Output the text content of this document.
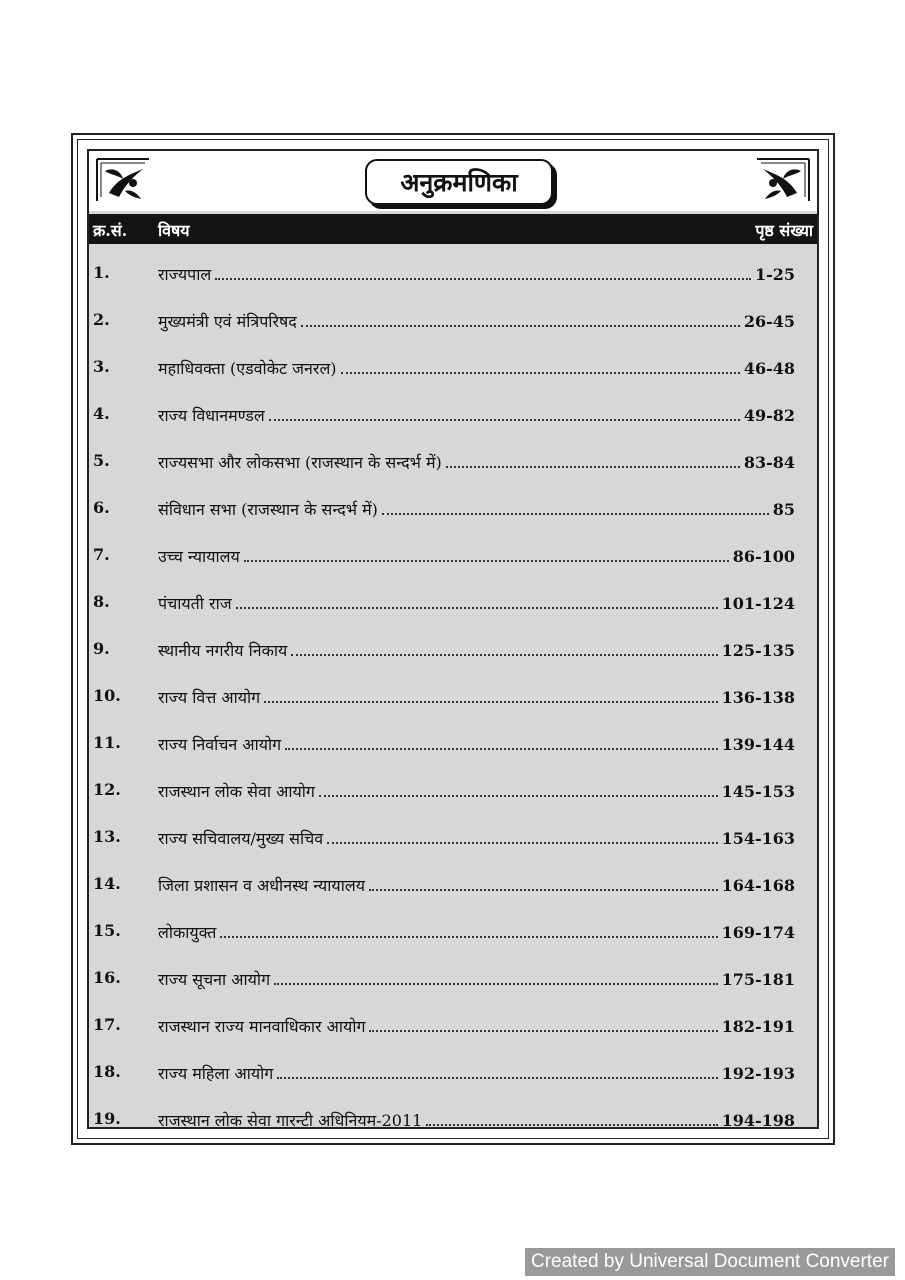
अनुक्रमणिका
क्र.सं. विषय	पृष्ठ संख्या
1.	राज्यपाल	1-25
2.	मुख्यमंत्री एवं मंत्रिपरिषद	26-45
3.	महाधिवक्ता (एडवोकेट जनरल)	46-48
4.	राज्य विधानमण्डल	49-82
5.	राज्यसभा और लोकसभा (राजस्थान के सन्दर्भ में)	83-84
6.	संविधान सभा (राजस्थान के सन्दर्भ में)	85
7.	उच्च न्यायालय	86-100
8.	पंचायती राज	101-124
9.	स्थानीय नगरीय निकाय	125-135
10. राज्य वित्त आयोग	136-138
11. राज्य निर्वाचन आयोग	139-144
12. राजस्थान लोक सेवा आयोग	145-153
13. राज्य सचिवालय/मुख्य सचिव	154-163
14. जिला प्रशासन व अधीनस्थ न्यायालय	164-168
15. लोकायुक्त	169-174
16. राज्य सूचना आयोग	175-181
17. राजस्थान राज्य मानवाधिकार आयोग	182-191
18. राज्य महिला आयोग	192-193
19. राजस्थान लोक सेवा गारन्टी अधिनियम-2011	194-198
Created by Universal Document Converter
